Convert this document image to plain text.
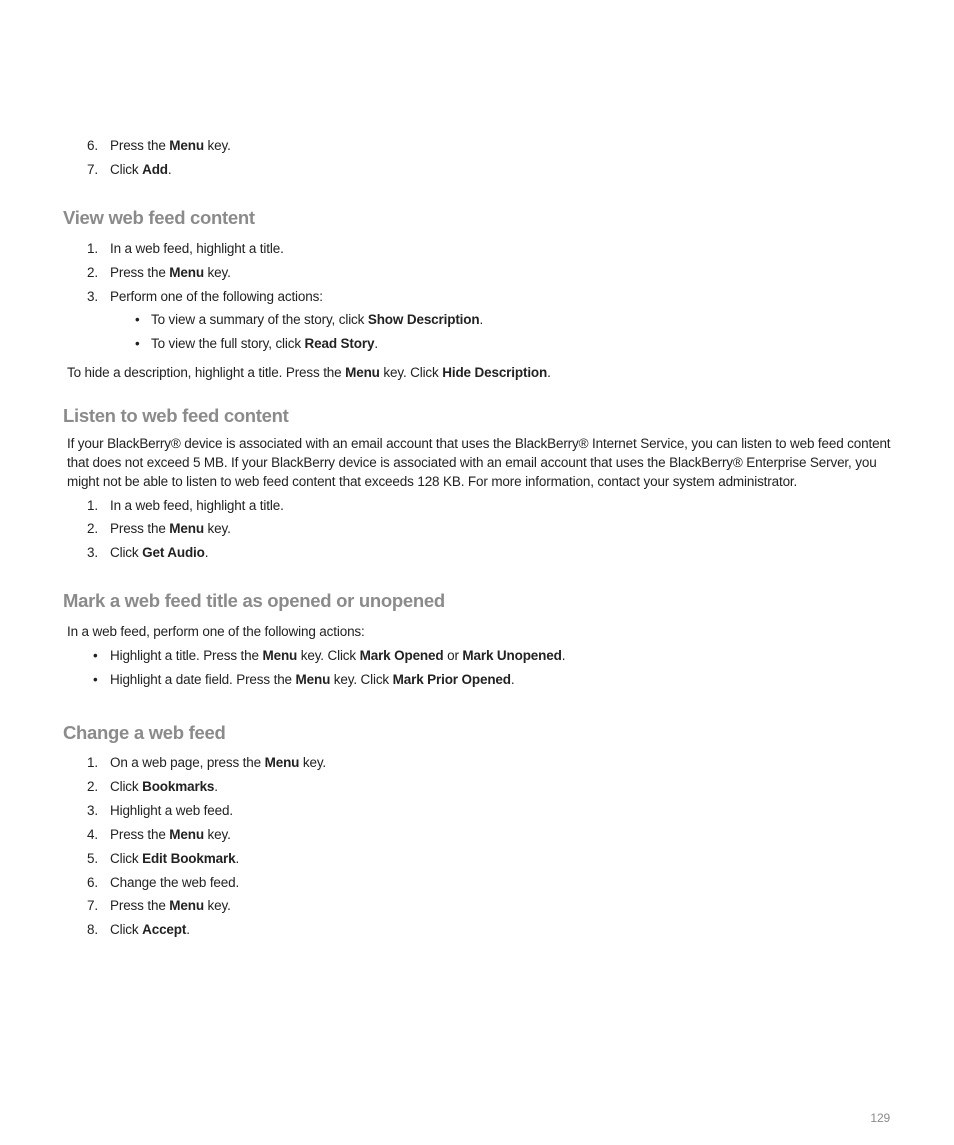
6. Press the Menu key.
7. Click Add.
View web feed content
1. In a web feed, highlight a title.
2. Press the Menu key.
3. Perform one of the following actions:
• To view a summary of the story, click Show Description.
• To view the full story, click Read Story.

To hide a description, highlight a title. Press the Menu key. Click Hide Description.

Listen to web feed content

If your BlackBerry® device is associated with an email account that uses the BlackBerry® Internet Service, you can listen to web feed content that does not exceed 5 MB. If your BlackBerry device is associated with an email account that uses the BlackBerry® Enterprise Server, you might not be able to listen to web feed content that exceeds 128 KB. For more information, contact your system administrator.

1. In a web feed, highlight a title.
2. Press the Menu key.
3. Click Get Audio.
Mark a web feed title as opened or unopened

In a web feed, perform one of the following actions:

• Highlight a title. Press the Menu key. Click Mark Opened or Mark Unopened.
• Highlight a date field. Press the Menu key. Click Mark Prior Opened.
Change a web feed
1. On a web page, press the Menu key.
2. Click Bookmarks.
3. Highlight a web feed.
4. Press the Menu key.
5. Click Edit Bookmark.
6. Change the web feed.
7. Press the Menu key.
8. Click Accept.
129
